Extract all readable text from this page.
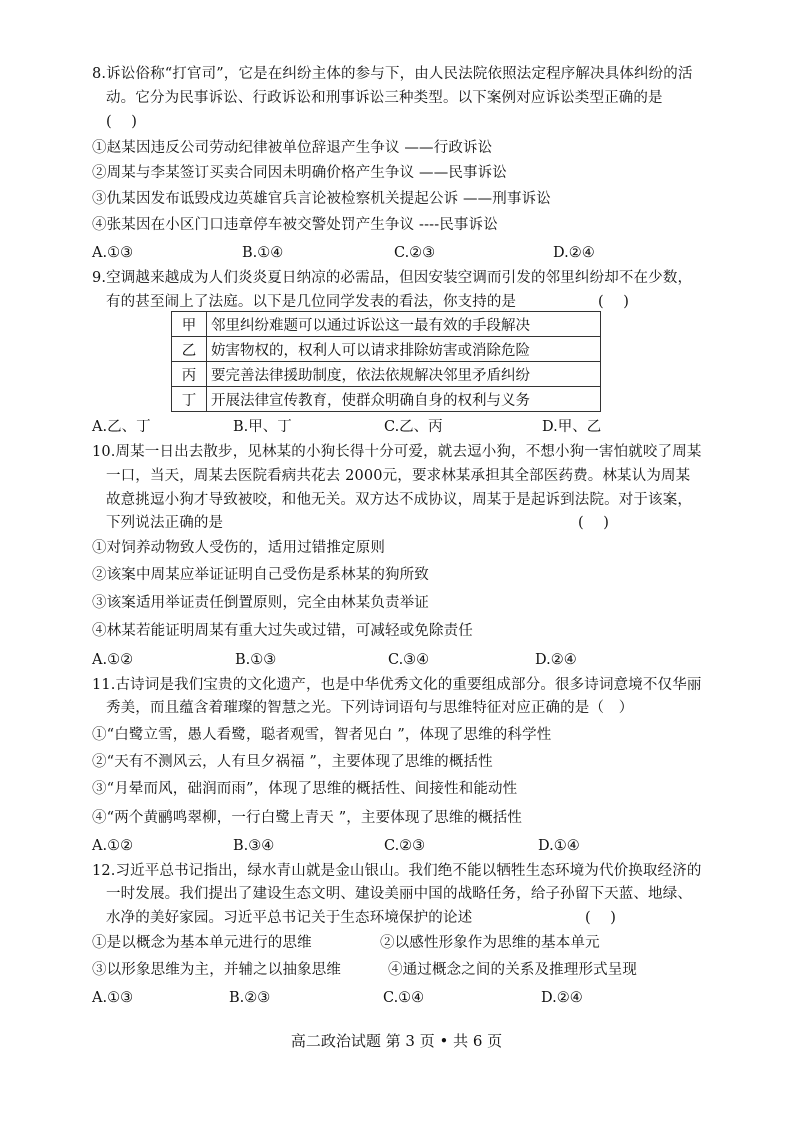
8.诉讼俗称“打官司”，它是在纠纷主体的参与下，由人民法院依照法定程序解决具体纠纷的活
动。它分为民事诉讼、行政诉讼和刑事诉讼三种类型。以下案例对应诉讼类型正确的是
(　 )
①赵某因违反公司劳动纪律被单位辞退产生争议 ——行政诉讼
②周某与李某签订买卖合同因未明确价格产生争议 ——民事诉讼
③仇某因发布诋毁戍边英雄官兵言论被检察机关提起公诉 ——刑事诉讼
④张某因在小区门口违章停车被交警处罚产生争议 ----民事诉讼
A.①③	B.①④	C.②③	D.②④
9.空调越来越成为人们炎炎夏日纳凉的必需品，但因安装空调而引发的邻里纠纷却不在少数，
有的甚至闹上了法庭。以下是几位同学发表的看法，你支持的是	(　 )
甲	邻里纠纷难题可以通过诉讼这一最有效的手段解决
乙	妨害物权的，权利人可以请求排除妨害或消除危险
丙	要完善法律援助制度，依法依规解决邻里矛盾纠纷
丁	开展法律宣传教育，使群众明确自身的权利与义务
A.乙、丁	B.甲、丁	C.乙、丙	D.甲、乙
10.周某一日出去散步，见林某的小狗长得十分可爱，就去逗小狗，不想小狗一害怕就咬了周某
一口，当天，周某去医院看病共花去 2000元，要求林某承担其全部医药费。林某认为周某
故意挑逗小狗才导致被咬，和他无关。双方达不成协议，周某于是起诉到法院。对于该案，
下列说法正确的是	(　 )
①对饲养动物致人受伤的，适用过错推定原则
②该案中周某应举证证明自己受伤是系林某的狗所致
③该案适用举证责任倒置原则，完全由林某负责举证
④林某若能证明周某有重大过失或过错，可减轻或免除责任
A.①②	B.①③	C.③④	D.②④
11.古诗词是我们宝贵的文化遗产，也是中华优秀文化的重要组成部分。很多诗词意境不仅华丽
秀美，而且蕴含着璀璨的智慧之光。下列诗词语句与思维特征对应正确的是（　）
①“白鹭立雪，愚人看鹭，聪者观雪，智者见白 ”，体现了思维的科学性
②“天有不测风云，人有旦夕祸福 ”，主要体现了思维的概括性
③“月晕而风，础润而雨”，体现了思维的概括性、间接性和能动性
④“两个黄鹂鸣翠柳，一行白鹭上青天 ”，主要体现了思维的概括性
A.①②	B.③④	C.②③	D.①④
12.习近平总书记指出，绿水青山就是金山银山。我们绝不能以牺牲生态环境为代价换取经济的
一时发展。我们提出了建设生态文明、建设美丽中国的战略任务，给子孙留下天蓝、地绿、
水净的美好家园。习近平总书记关于生态环境保护的论述	(　 )
①是以概念为基本单元进行的思维	②以感性形象作为思维的基本单元
③以形象思维为主，并辅之以抽象思维	④通过概念之间的关系及推理形式呈现
A.①③	B.②③	C.①④	D.②④
高二政治试题 第 3 页 • 共 6 页
